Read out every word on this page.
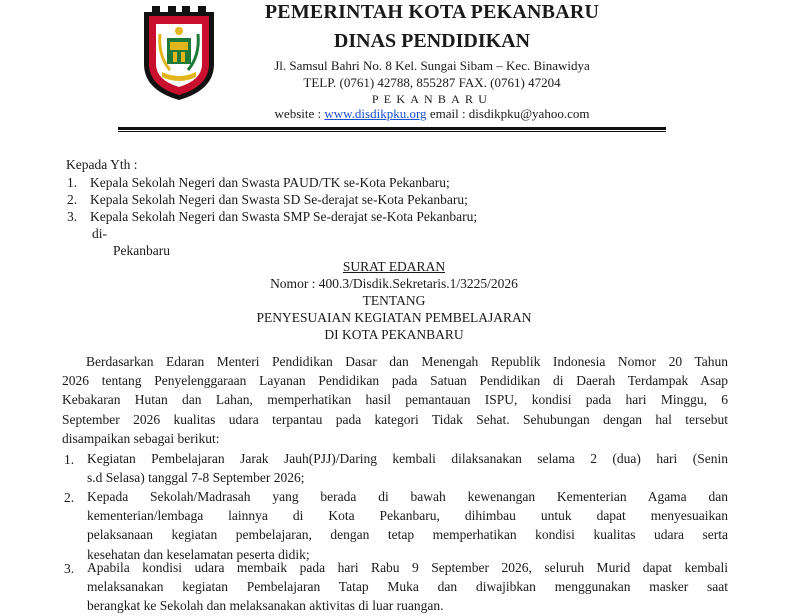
PEMERINTAH KOTA PEKANBARU
DINAS PENDIDIKAN
Jl. Samsul Bahri No. 8 Kel. Sungai Sibam – Kec. Binawidya
TELP. (0761) 42788, 855287 FAX. (0761) 47204
PEKANBARU
website : www.disdikpku.org email : disdikpku@yahoo.com
Kepada Yth :
1. Kepala Sekolah Negeri dan Swasta PAUD/TK se-Kota Pekanbaru;
2. Kepala Sekolah Negeri dan Swasta SD Se-derajat se-Kota Pekanbaru;
3. Kepala Sekolah Negeri dan Swasta SMP Se-derajat se-Kota Pekanbaru;
di-
Pekanbaru
SURAT EDARAN
Nomor : 400.3/Disdik.Sekretaris.1/3225/2026
TENTANG
PENYESUAIAN KEGIATAN PEMBELAJARAN
DI KOTA PEKANBARU
Berdasarkan Edaran Menteri Pendidikan Dasar dan Menengah Republik Indonesia Nomor 20 Tahun
2026 tentang Penyelenggaraan Layanan Pendidikan pada Satuan Pendidikan di Daerah Terdampak Asap
Kebakaran Hutan dan Lahan, memperhatikan hasil pemantauan ISPU, kondisi pada hari Minggu, 6
September 2026 kualitas udara terpantau pada kategori Tidak Sehat. Sehubungan dengan hal tersebut
disampaikan sebagai berikut:
1. Kegiatan Pembelajaran Jarak Jauh(PJJ)/Daring kembali dilaksanakan selama 2 (dua) hari (Senin
s.d Selasa) tanggal 7-8 September 2026;
2. Kepada Sekolah/Madrasah yang berada di bawah kewenangan Kementerian Agama dan
kementerian/lembaga lainnya di Kota Pekanbaru, dihimbau untuk dapat menyesuaikan
pelaksanaan kegiatan pembelajaran, dengan tetap memperhatikan kondisi kualitas udara serta
kesehatan dan keselamatan peserta didik;
3. Apabila kondisi udara membaik pada hari Rabu 9 September 2026, seluruh Murid dapat kembali
melaksanakan kegiatan Pembelajaran Tatap Muka dan diwajibkan menggunakan masker saat
berangkat ke Sekolah dan melaksanakan aktivitas di luar ruangan.
